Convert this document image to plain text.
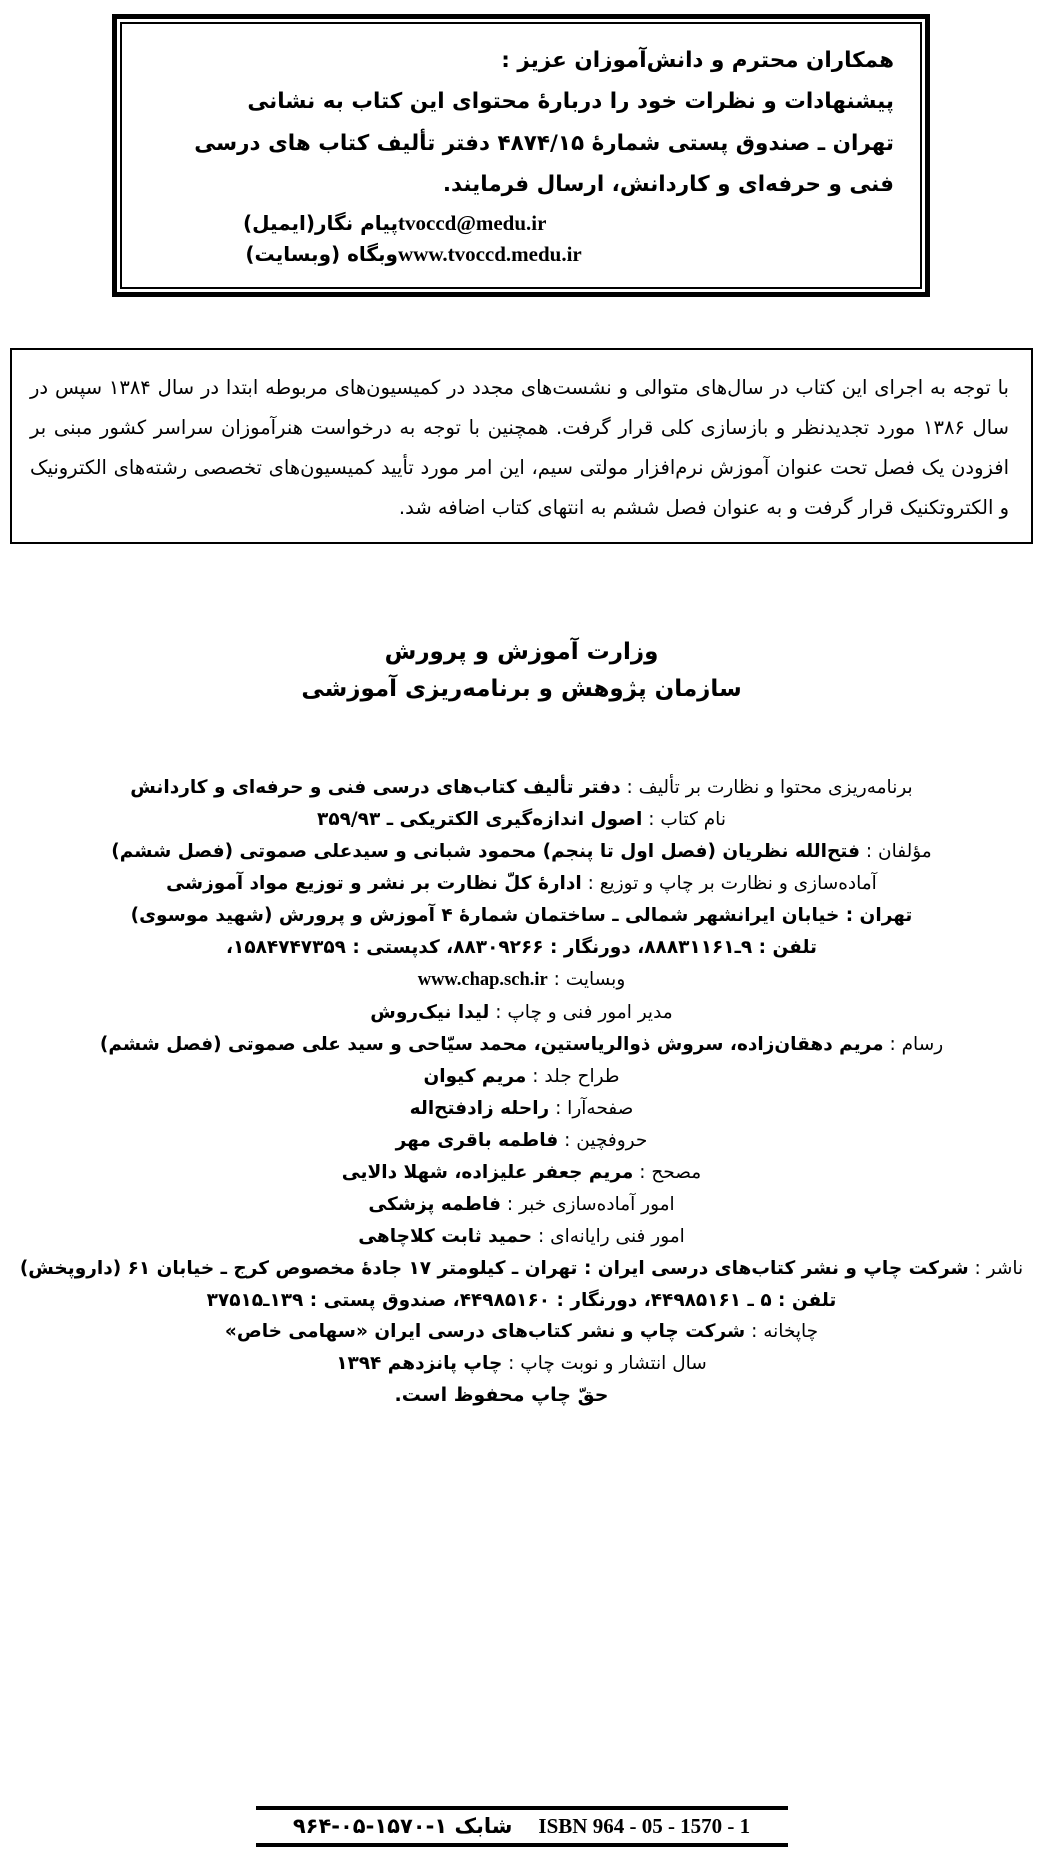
همکاران محترم و دانش‌آموزان عزیز :
پیشنهادات و نظرات خود را دربارهٔ محتوای این کتاب به نشانی
تهران ـ صندوق پستی شمارهٔ ۴۸۷۴/۱۵ دفتر تألیف کتاب های درسی
فنی و حرفه‌ای و کاردانش، ارسال فرمایند.
پیام نگار(ایمیل) tvoccd@medu.ir
وبگاه (وبسایت) www.tvoccd.medu.ir
با توجه به اجرای این کتاب در سال‌های متوالی و نشست‌های مجدد در کمیسیون‌های مربوطه ابتدا در سال ۱۳۸۴ سپس در سال ۱۳۸۶ مورد تجدیدنظر و بازسازی کلی قرار گرفت. همچنین با توجه به درخواست هنرآموزان سراسر کشور مبنی بر افزودن یک فصل تحت عنوان آموزش نرم‌افزار مولتی سیم، این امر مورد تأیید کمیسیون‌های تخصصی رشته‌های الکترونیک و الکتروتکنیک قرار گرفت و به عنوان فصل ششم به انتهای کتاب اضافه شد.
وزارت آموزش و پرورش
سازمان پژوهش و برنامه‌ریزی آموزشی
برنامه‌ریزی محتوا و نظارت بر تألیف : دفتر تألیف کتاب‌های درسی فنی و حرفه‌ای و کاردانش
نام کتاب : اصول اندازه‌گیری الکتریکی ـ ۳۵۹/۹۳
مؤلفان : فتح‌الله نظریان (فصل اول تا پنجم) محمود شبانی و سیدعلی صموتی (فصل ششم)
آماده‌سازی و نظارت بر چاپ و توزیع : ادارهٔ کلّ نظارت بر نشر و توزیع مواد آموزشی
تهران : خیابان ایرانشهر شمالی ـ ساختمان شمارهٔ ۴ آموزش و پرورش (شهید موسوی)
تلفن : ۹ـ۸۸۸۳۱۱۶۱، دورنگار : ۸۸۳۰۹۲۶۶، کدپستی : ۱۵۸۴۷۴۷۳۵۹،
وبسایت : www.chap.sch.ir
مدیر امور فنی و چاپ : لیدا نیک‌روش
رسام : مریم دهقان‌زاده، سروش ذوالریاستین، محمد سیّاحی و سید علی صموتی (فصل ششم)
طراح جلد : مریم کیوان
صفحه‌آرا : راحله زادفتح‌اله
حروفچین : فاطمه باقری مهر
مصحح : مریم جعفر علیزاده، شهلا دالایی
امور آماده‌سازی خبر : فاطمه پزشکی
امور فنی رایانه‌ای : حمید ثابت کلاچاهی
ناشر : شرکت چاپ و نشر کتاب‌های درسی ایران : تهران ـ کیلومتر ۱۷ جادهٔ مخصوص کرج ـ خیابان ۶۱ (داروپخش)
تلفن : ۵ ـ ۴۴۹۸۵۱۶۱، دورنگار : ۴۴۹۸۵۱۶۰، صندوق پستی : ۱۳۹ـ۳۷۵۱۵
چاپخانه : شرکت چاپ و نشر کتاب‌های درسی ایران «سهامی خاص»
سال انتشار و نوبت چاپ : چاپ پانزدهم ۱۳۹۴
حقّ چاپ محفوظ است.
شابک ۱-۱۵۷۰-۰۵-۹۶۴ ISBN 964 - 05 - 1570 - 1
